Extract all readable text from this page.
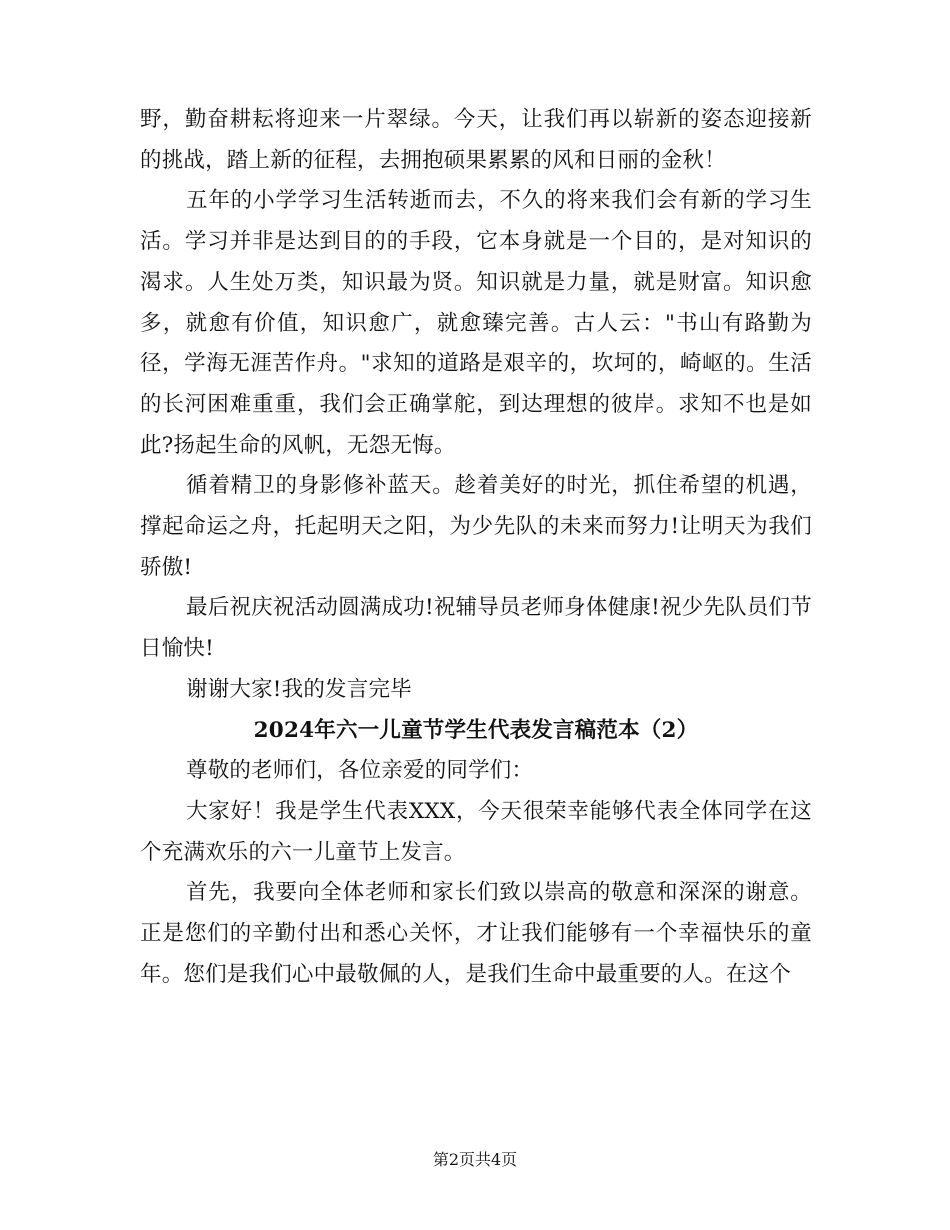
野，勤奋耕耘将迎来一片翠绿。今天，让我们再以崭新的姿态迎接新的挑战，踏上新的征程，去拥抱硕果累累的风和日丽的金秋！

五年的小学学习生活转逝而去，不久的将来我们会有新的学习生活。学习并非是达到目的的手段，它本身就是一个目的，是对知识的渴求。人生处万类，知识最为贤。知识就是力量，就是财富。知识愈多，就愈有价值，知识愈广，就愈臻完善。古人云："书山有路勤为径，学海无涯苦作舟。"求知的道路是艰辛的，坎坷的，崎岖的。生活的长河困难重重，我们会正确掌舵，到达理想的彼岸。求知不也是如此?扬起生命的风帆，无怨无悔。

循着精卫的身影修补蓝天。趁着美好的时光，抓住希望的机遇，撑起命运之舟，托起明天之阳，为少先队的未来而努力!让明天为我们骄傲!

最后祝庆祝活动圆满成功!祝辅导员老师身体健康!祝少先队员们节日愉快!

谢谢大家!我的发言完毕

2024年六一儿童节学生代表发言稿范本（2）

尊敬的老师们，各位亲爱的同学们：

大家好！我是学生代表XXX，今天很荣幸能够代表全体同学在这个充满欢乐的六一儿童节上发言。

首先，我要向全体老师和家长们致以崇高的敬意和深深的谢意。正是您们的辛勤付出和悉心关怀，才让我们能够有一个幸福快乐的童年。您们是我们心中最敬佩的人，是我们生命中最重要的人。在这个

第2页共4页
